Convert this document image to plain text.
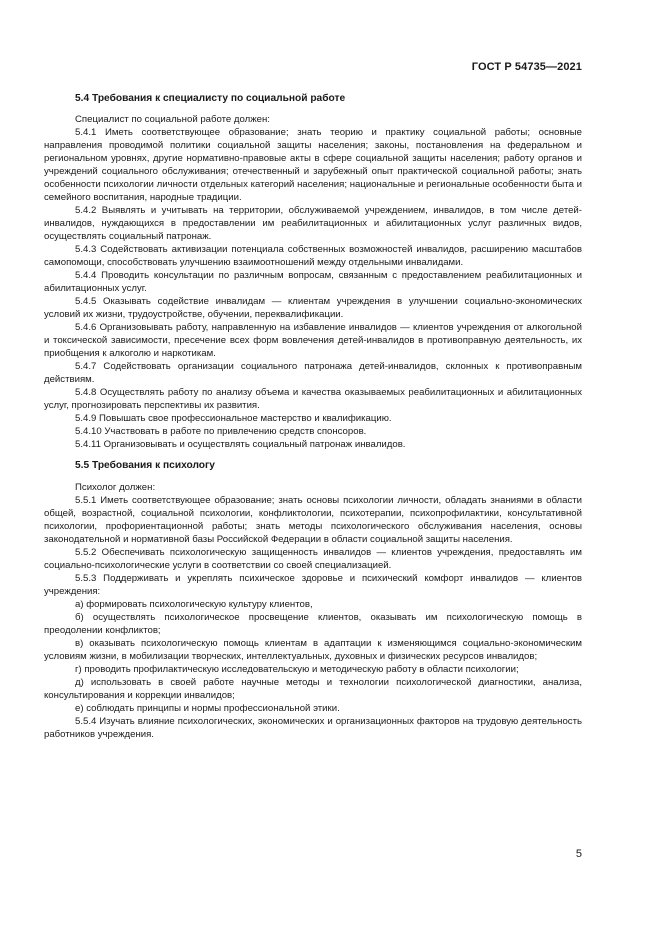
ГОСТ Р 54735—2021
5.4 Требования к специалисту по социальной работе

Специалист по социальной работе должен:

5.4.1 Иметь соответствующее образование; знать теорию и практику социальной работы; основные направления проводимой политики социальной защиты населения; законы, постановления на федеральном и региональном уровнях, другие нормативно-правовые акты в сфере социальной защиты населения; работу органов и учреждений социального обслуживания; отечественный и зарубежный опыт практической социальной работы; знать особенности психологии личности отдельных категорий населения; национальные и региональные особенности быта и семейного воспитания, народные традиции.

5.4.2 Выявлять и учитывать на территории, обслуживаемой учреждением, инвалидов, в том числе детей-инвалидов, нуждающихся в предоставлении им реабилитационных и абилитационных услуг различных видов, осуществлять социальный патронаж.

5.4.3 Содействовать активизации потенциала собственных возможностей инвалидов, расширению масштабов самопомощи, способствовать улучшению взаимоотношений между отдельными инвалидами.

5.4.4 Проводить консультации по различным вопросам, связанным с предоставлением реабилитационных и абилитационных услуг.

5.4.5 Оказывать содействие инвалидам — клиентам учреждения в улучшении социально-экономических условий их жизни, трудоустройстве, обучении, переквалификации.

5.4.6 Организовывать работу, направленную на избавление инвалидов — клиентов учреждения от алкогольной и токсической зависимости, пресечение всех форм вовлечения детей-инвалидов в противоправную деятельность, их приобщения к алкоголю и наркотикам.

5.4.7 Содействовать организации социального патронажа детей-инвалидов, склонных к противоправным действиям.

5.4.8 Осуществлять работу по анализу объема и качества оказываемых реабилитационных и абилитационных услуг, прогнозировать перспективы их развития.

5.4.9 Повышать свое профессиональное мастерство и квалификацию.

5.4.10 Участвовать в работе по привлечению средств спонсоров.

5.4.11 Организовывать и осуществлять социальный патронаж инвалидов.

5.5 Требования к психологу

Психолог должен:

5.5.1 Иметь соответствующее образование; знать основы психологии личности, обладать знаниями в области общей, возрастной, социальной психологии, конфликтологии, психотерапии, психопрофилактики, консультативной психологии, профориентационной работы; знать методы психологического обслуживания населения, основы законодательной и нормативной базы Российской Федерации в области социальной защиты населения.

5.5.2 Обеспечивать психологическую защищенность инвалидов — клиентов учреждения, предоставлять им социально-психологические услуги в соответствии со своей специализацией.

5.5.3 Поддерживать и укреплять психическое здоровье и психический комфорт инвалидов — клиентов учреждения:

а) формировать психологическую культуру клиентов,

б) осуществлять психологическое просвещение клиентов, оказывать им психологическую помощь в преодолении конфликтов;

в) оказывать психологическую помощь клиентам в адаптации к изменяющимся социально-экономическим условиям жизни, в мобилизации творческих, интеллектуальных, духовных и физических ресурсов инвалидов;

г) проводить профилактическую исследовательскую и методическую работу в области психологии;

д) использовать в своей работе научные методы и технологии психологической диагностики, анализа, консультирования и коррекции инвалидов;

е) соблюдать принципы и нормы профессиональной этики.

5.5.4 Изучать влияние психологических, экономических и организационных факторов на трудовую деятельность работников учреждения.

5
